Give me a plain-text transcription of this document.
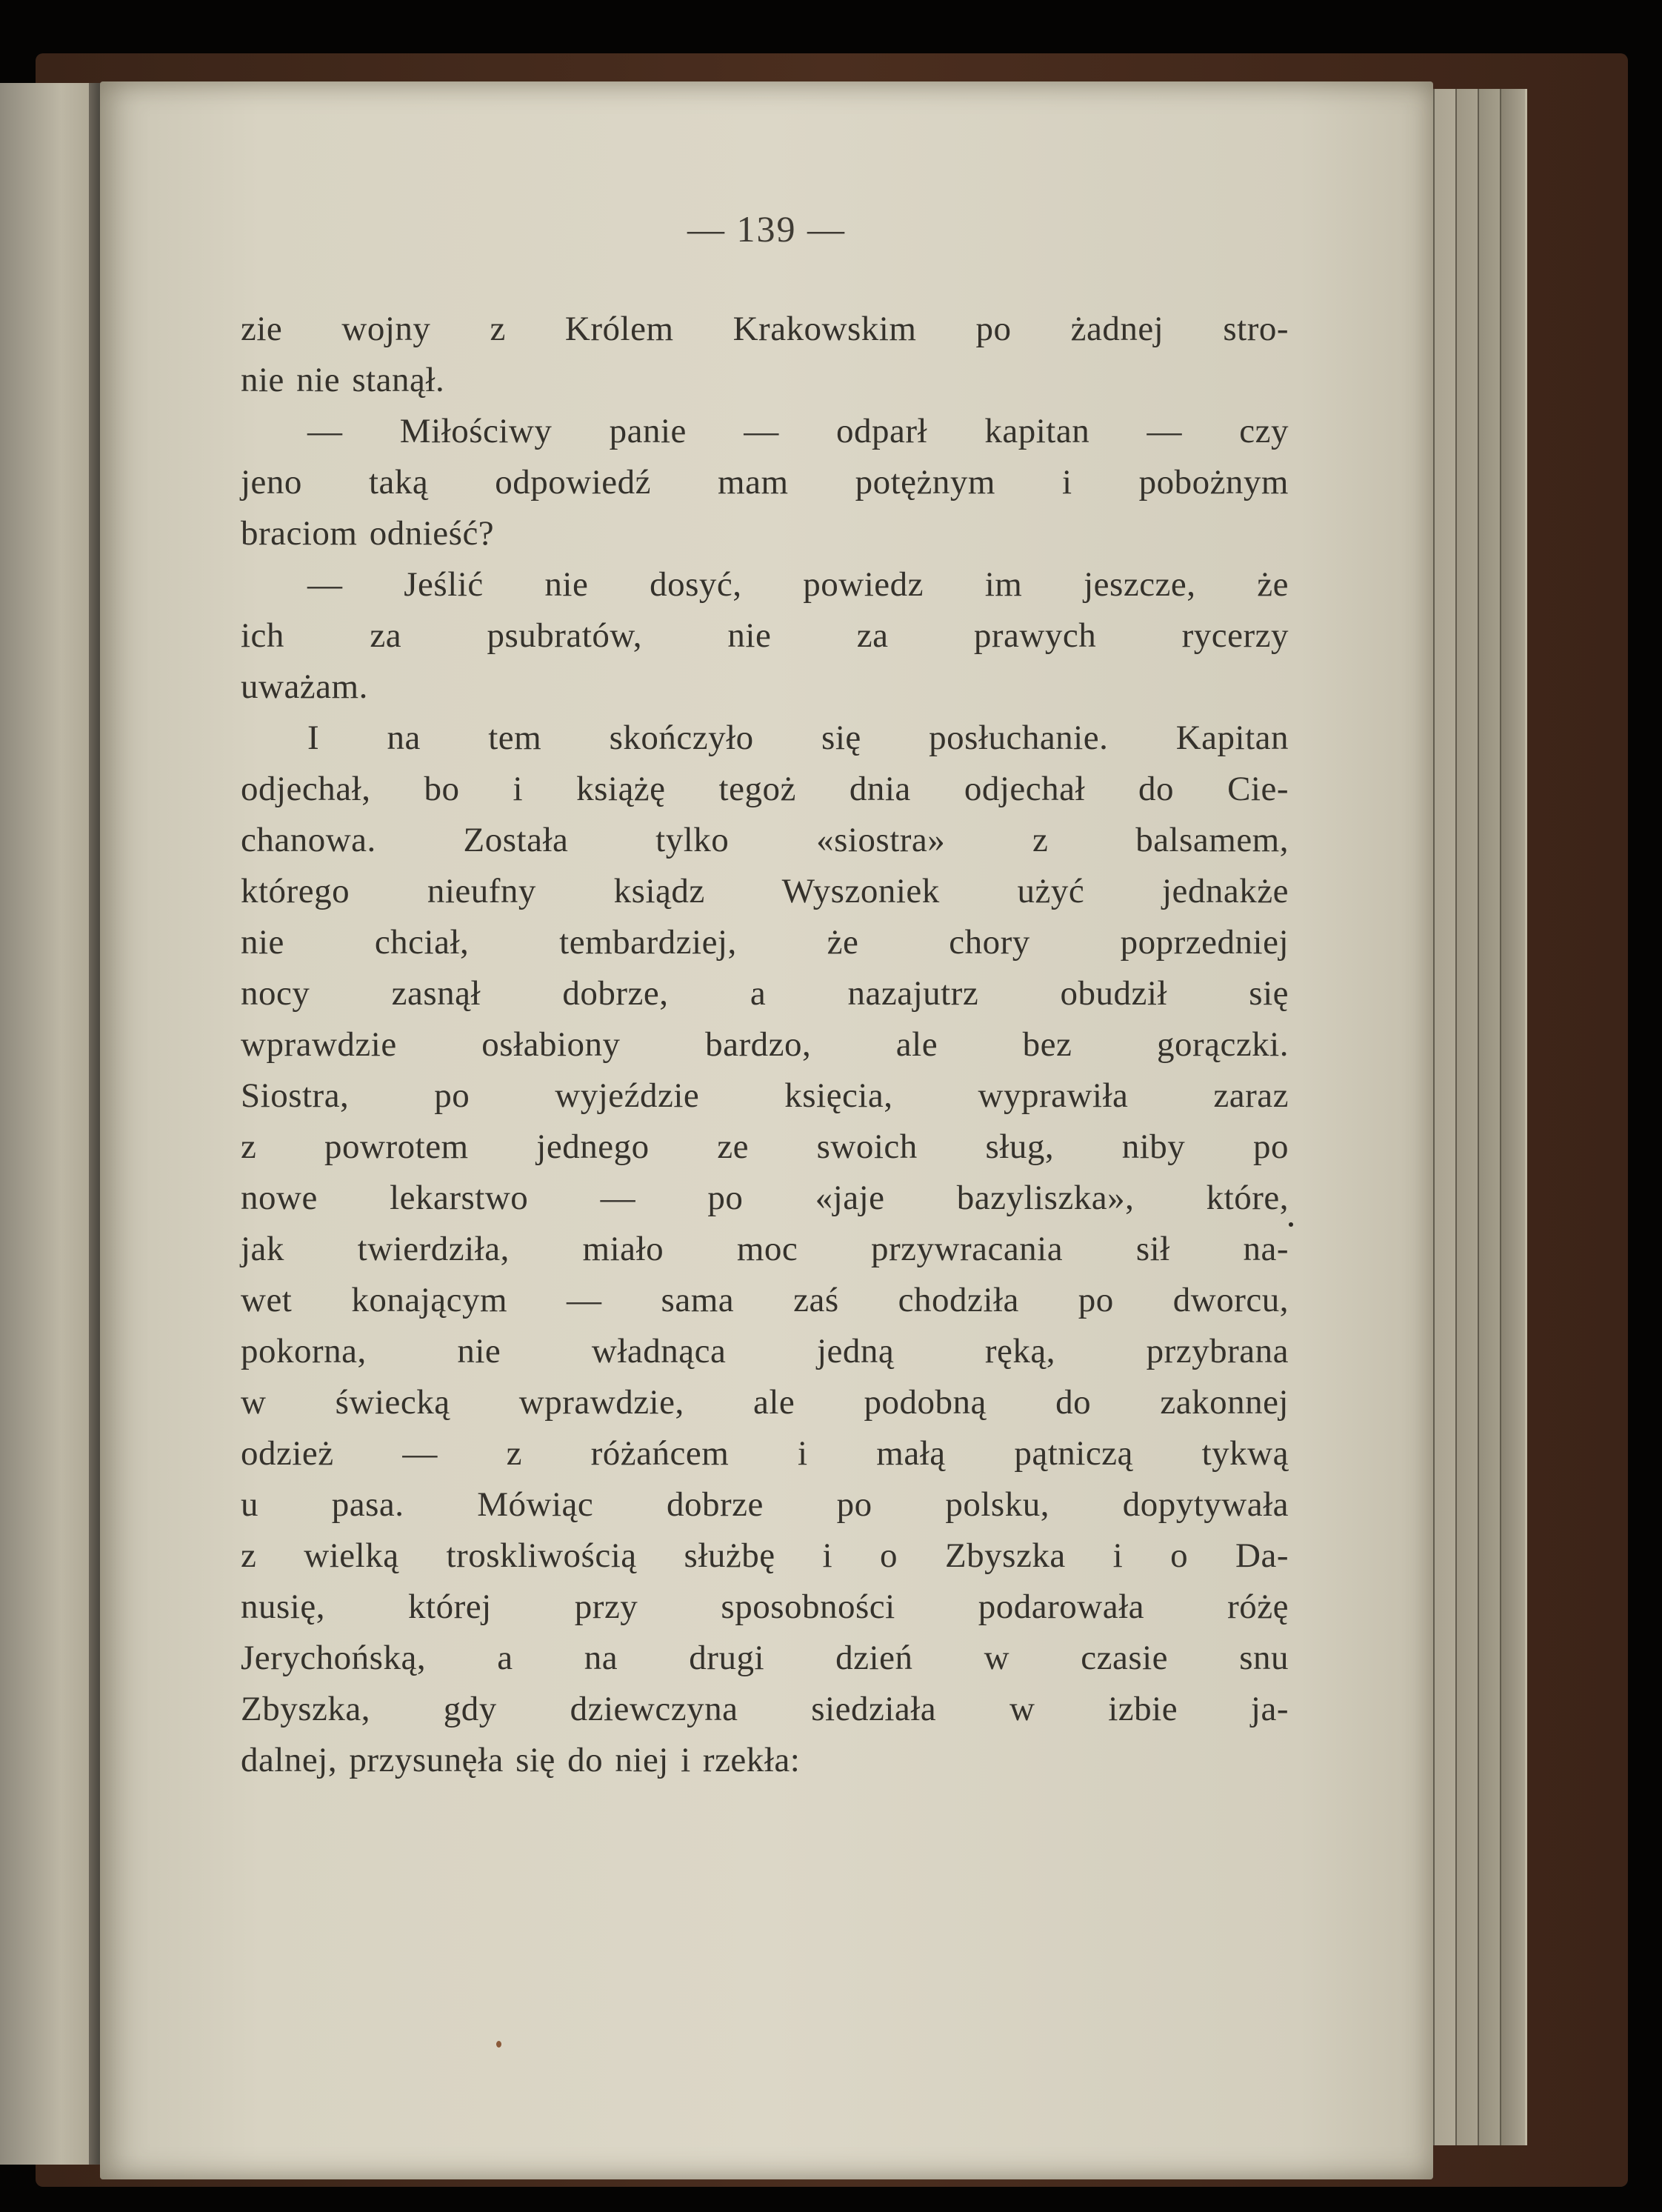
— 139 —
zie wojny z Królem Krakowskim po żadnej stro-
nie nie stanął.
— Miłościwy panie — odparł kapitan — czy
jeno taką odpowiedź mam potężnym i pobożnym
braciom odnieść?
— Jeślić nie dosyć, powiedz im jeszcze, że
ich za psubratów, nie za prawych rycerzy
uważam.
I na tem skończyło się posłuchanie. Kapitan
odjechał, bo i książę tegoż dnia odjechał do Cie-
chanowa. Została tylko «siostra» z balsamem,
którego nieufny ksiądz Wyszoniek użyć jednakże
nie chciał, tembardziej, że chory poprzedniej
nocy zasnął dobrze, a nazajutrz obudził się
wprawdzie osłabiony bardzo, ale bez gorączki.
Siostra, po wyjeździe księcia, wyprawiła zaraz
z powrotem jednego ze swoich sług, niby po
nowe lekarstwo — po «jaje bazyliszka», które,
jak twierdziła, miało moc przywracania sił na-
wet konającym — sama zaś chodziła po dworcu,
pokorna, nie władnąca jedną ręką, przybrana
w świecką wprawdzie, ale podobną do zakonnej
odzież — z różańcem i małą pątniczą tykwą
u pasa. Mówiąc dobrze po polsku, dopytywała
z wielką troskliwością służbę i o Zbyszka i o Da-
nusię, której przy sposobności podarowała różę
Jerychońską, a na drugi dzień w czasie snu
Zbyszka, gdy dziewczyna siedziała w izbie ja-
dalnej, przysunęła się do niej i rzekła:
